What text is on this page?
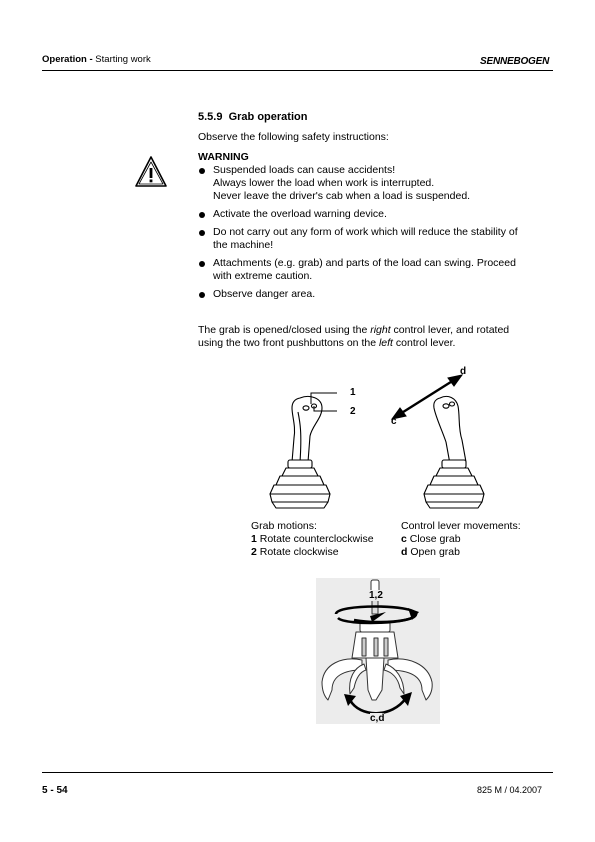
Operation - Starting work	SENNEBOGEN
5.5.9 Grab operation
Observe the following safety instructions:
WARNING
Suspended loads can cause accidents!
Always lower the load when work is interrupted.
Never leave the driver's cab when a load is suspended.
Activate the overload warning device.
Do not carry out any form of work which will reduce the stability of
the machine!
Attachments (e.g. grab) and parts of the load can swing. Proceed
with extreme caution.
Observe danger area.
The grab is opened/closed using the right control lever, and rotated
using the two front pushbuttons on the left control lever.
1
2
d
c
Grab motions:
1 Rotate counterclockwise
2 Rotate clockwise
Control lever movements:
c Close grab
d Open grab
1,2
c,d
5 - 54	825 M / 04.2007
